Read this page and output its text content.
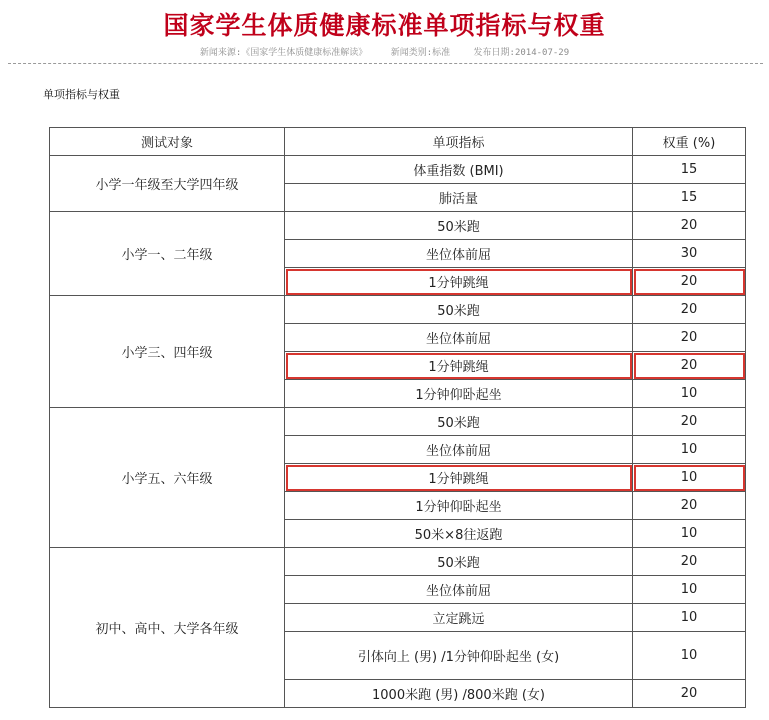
国家学生体质健康标准单项指标与权重
新闻来源:《国家学生体质健康标准解读》	新闻类别:标准	发布日期:2014-07-29
单项指标与权重
测试对象	单项指标	权重 (%)
小学一年级至大学四年级	体重指数 (BMI)	15
	肺活量	15
小学一、二年级	50米跑	20
	坐位体前屈	30
	1分钟跳绳	20
小学三、四年级	50米跑	20
	坐位体前屈	20
	1分钟跳绳	20
	1分钟仰卧起坐	10
小学五、六年级	50米跑	20
	坐位体前屈	10
	1分钟跳绳	10
	1分钟仰卧起坐	20
	50米×8往返跑	10
初中、高中、大学各年级	50米跑	20
	坐位体前屈	10
	立定跳远	10
	引体向上 (男) /1分钟仰卧起坐 (女)	10
	1000米跑 (男) /800米跑 (女)	20
